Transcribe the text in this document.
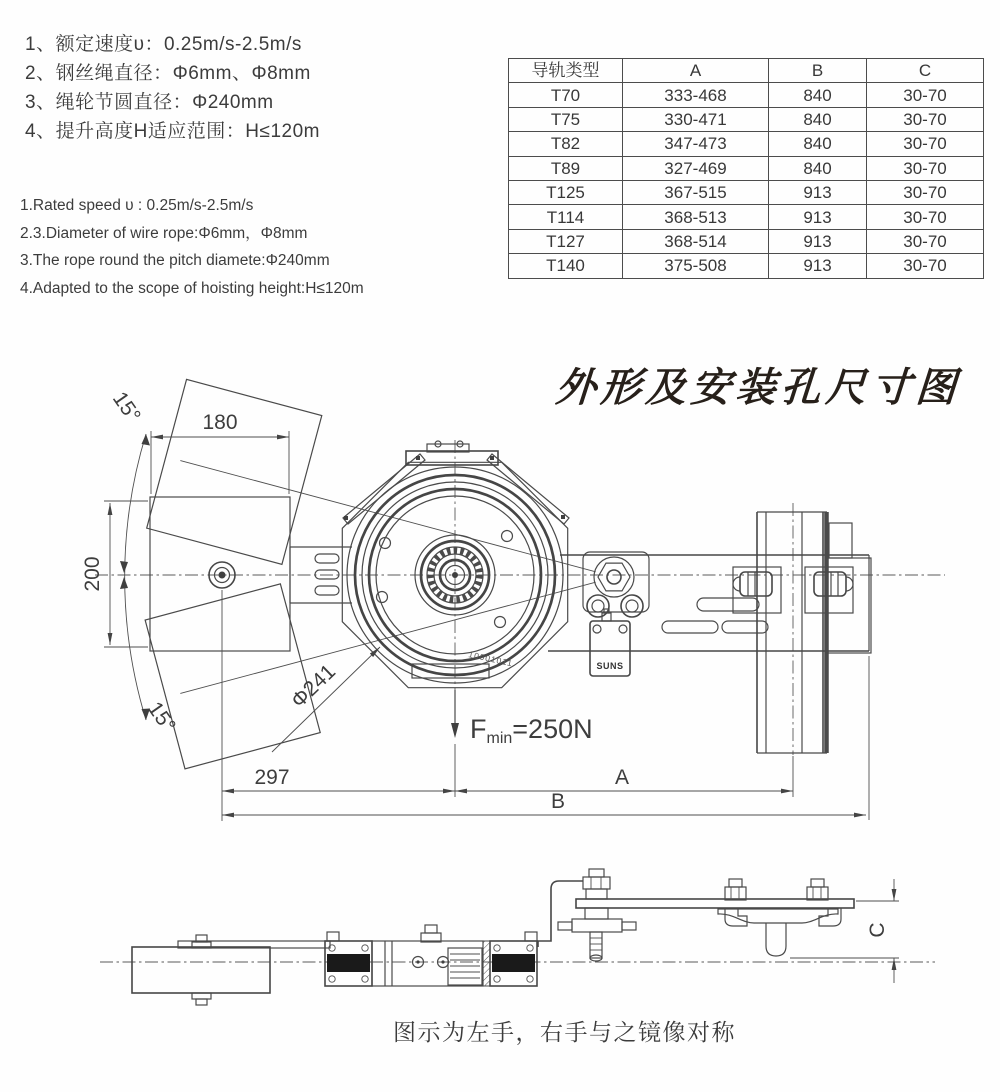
1、额定速度υ：0.25m/s-2.5m/s
2、钢丝绳直径：Φ6mm、Φ8mm
3、绳轮节圆直径：Φ240mm
4、提升高度H适应范围：H≤120m
1.Rated speed υ : 0.25m/s-2.5m/s
2.3.Diameter of wire rope:Φ6mm，Φ8mm
3.The rope round the pitch diamete:Φ240mm
4.Adapted to the scope of hoisting height:H≤120m
导轨类型	A	B	C
T70	333-468	840	30-70
T75	330-471	840	30-70
T82	347-473	840	30-70
T89	327-469	840	30-70
T125	367-515	913	30-70
T114	368-513	913	30-70
T127	368-514	913	30-70
T140	375-508	913	30-70
外形及安装孔尺寸图
15°
15°
180
200
10001011	SUNS
Φ241
Fmin=250N
297	A
B
C
图示为左手，右手与之镜像对称
